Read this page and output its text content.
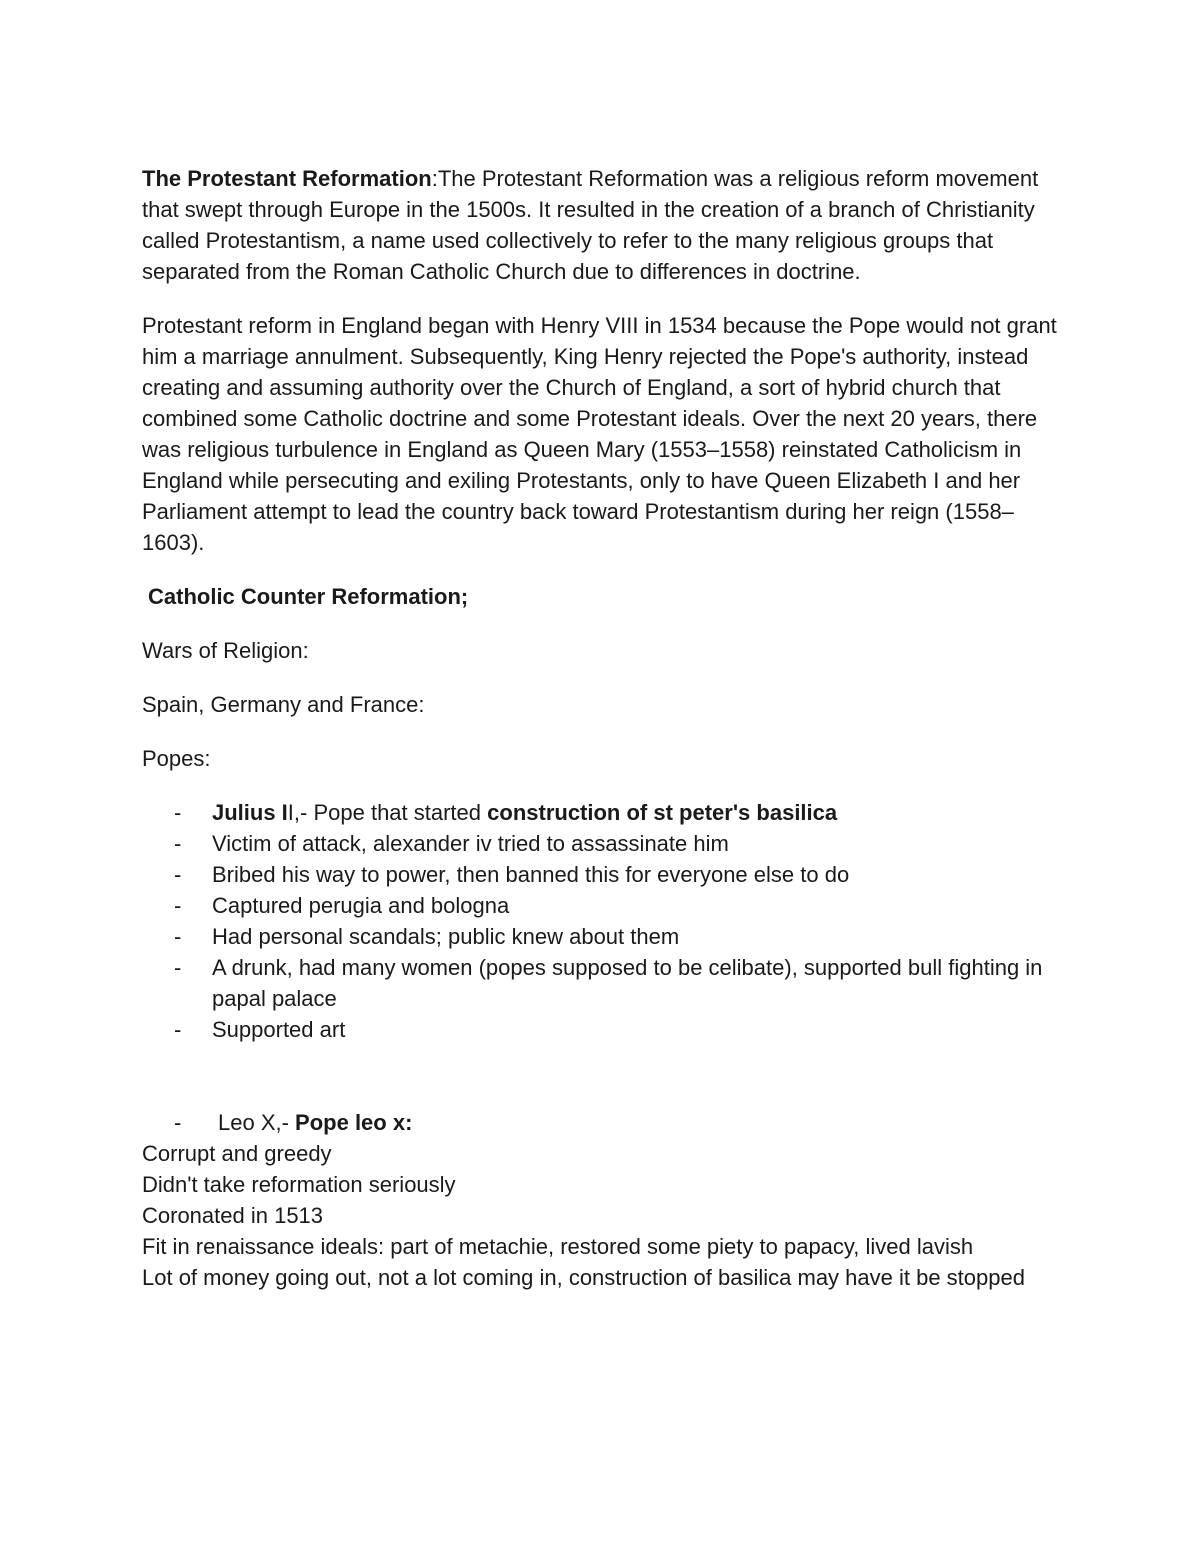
The Protestant Reformation:The Protestant Reformation was a religious reform movement that swept through Europe in the 1500s. It resulted in the creation of a branch of Christianity called Protestantism, a name used collectively to refer to the many religious groups that separated from the Roman Catholic Church due to differences in doctrine.

Protestant reform in England began with Henry VIII in 1534 because the Pope would not grant him a marriage annulment. Subsequently, King Henry rejected the Pope's authority, instead creating and assuming authority over the Church of England, a sort of hybrid church that combined some Catholic doctrine and some Protestant ideals. Over the next 20 years, there was religious turbulence in England as Queen Mary (1553–1558) reinstated Catholicism in England while persecuting and exiling Protestants, only to have Queen Elizabeth I and her Parliament attempt to lead the country back toward Protestantism during her reign (1558–1603).

Catholic Counter Reformation;

Wars of Religion:

Spain, Germany and France:

Popes:

- Julius II,- Pope that started construction of st peter's basilica
- Victim of attack, alexander iv tried to assassinate him
- Bribed his way to power, then banned this for everyone else to do
- Captured perugia and bologna
- Had personal scandals; public knew about them
- A drunk, had many women (popes supposed to be celibate), supported bull fighting in papal palace
- Supported art
- Leo X,- Pope leo x:

Corrupt and greedy

Didn't take reformation seriously

Coronated in 1513

Fit in renaissance ideals: part of metachie, restored some piety to papacy, lived lavish

Lot of money going out, not a lot coming in, construction of basilica may have it be stopped
